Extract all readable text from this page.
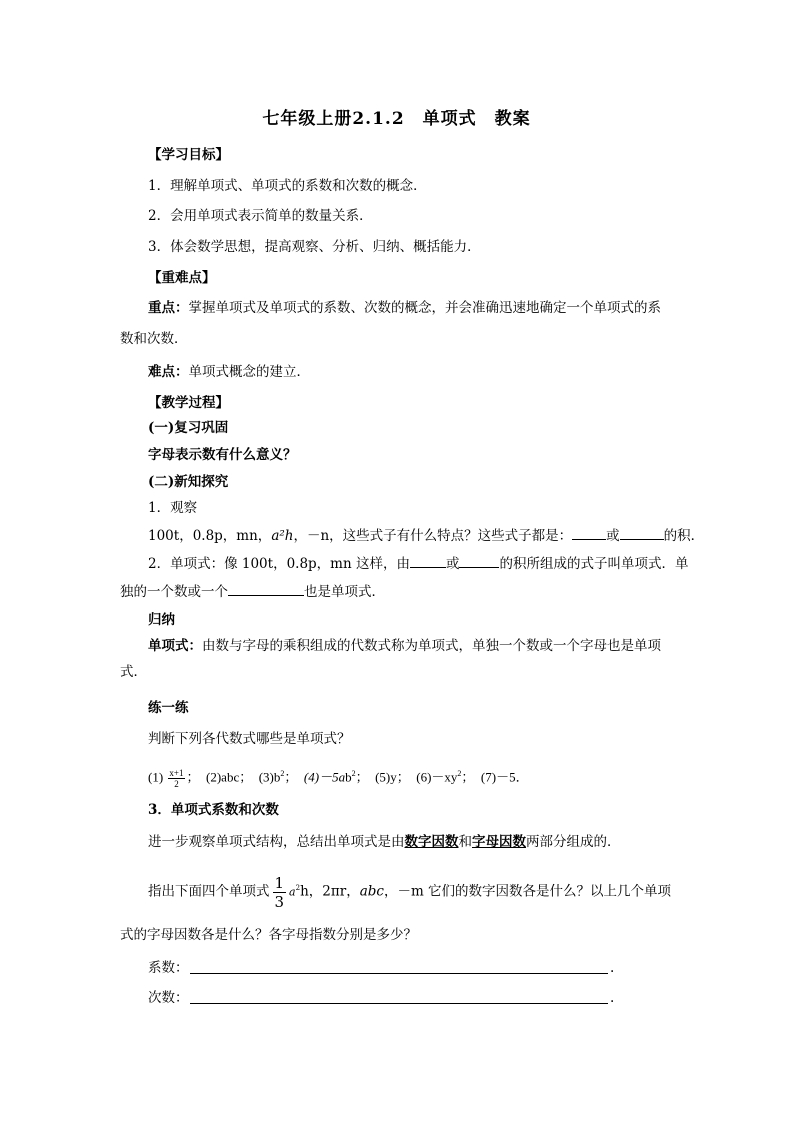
七年级上册2.1.2　单项式　教案
【学习目标】
1．理解单项式、单项式的系数和次数的概念．
2．会用单项式表示简单的数量关系．
3．体会数学思想，提高观察、分析、归纳、概括能力．
【重难点】
重点：掌握单项式及单项式的系数、次数的概念，并会准确迅速地确定一个单项式的系
数和次数．
难点：单项式概念的建立．
【教学过程】
(一)复习巩固
字母表示数有什么意义？
(二)新知探究
1．观察
100t，0.8p，mn，a²h，－n，这些式子有什么特点？这些式子都是：	或	的积．
2．单项式：像 100t，0.8p，mn 这样，由	或	的积所组成的式子叫单项式．单
独的一个数或一个	也是单项式．
归纳
单项式：由数与字母的乘积组成的代数式称为单项式，单独一个数或一个字母也是单项
式．
练一练
判断下列各代数式哪些是单项式？
$(1) \frac{x+1}{2}$ ；　(2)abc；　$(3)b^2$；　$(4)-5ab^2$；　(5)y；　$(6)-xy^2$；　(7)－5．
3．单项式系数和次数
进一步观察单项式结构，总结出单项式是由数字因数和字母因数两部分组成的．
指出下面四个单项式 $\frac{1}{3} a^2h$，2πr，abc，－m 它们的数字因数各是什么？以上几个单项
式的字母因数各是什么？各字母指数分别是多少？
系数：	.
次数：	.
